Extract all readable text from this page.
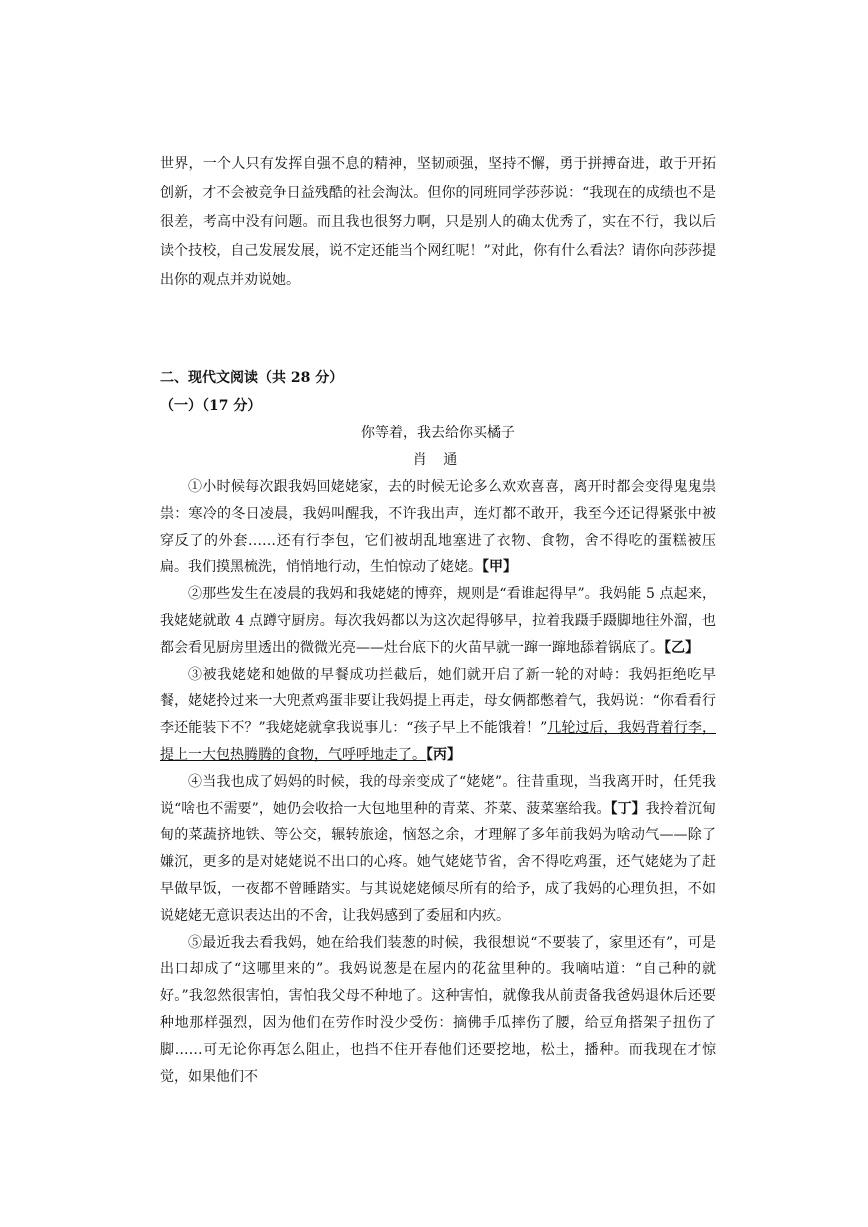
世界，一个人只有发挥自强不息的精神，坚韧顽强，坚持不懈，勇于拼搏奋进，敢于开拓创新，才不会被竞争日益残酷的社会淘汰。但你的同班同学莎莎说：“我现在的成绩也不是很差，考高中没有问题。而且我也很努力啊，只是别人的确太优秀了，实在不行，我以后读个技校，自己发展发展，说不定还能当个网红呢！”对此，你有什么看法？请你向莎莎提出你的观点并劝说她。
二、现代文阅读（共 28 分）
（一）（17 分）
你等着，我去给你买橘子
肖 通

①小时候每次跟我妈回姥姥家，去的时候无论多么欢欢喜喜，离开时都会变得鬼鬼祟祟：寒冷的冬日凌晨，我妈叫醒我，不许我出声，连灯都不敢开，我至今还记得紧张中被穿反了的外套……还有行李包，它们被胡乱地塞进了衣物、食物，舍不得吃的蛋糕被压扁。我们摸黑梳洗，悄悄地行动，生怕惊动了姥姥。【甲】

②那些发生在凌晨的我妈和我姥姥的博弈，规则是“看谁起得早”。我妈能 5 点起来，我姥姥就敢 4 点蹲守厨房。每次我妈都以为这次起得够早，拉着我蹑手蹑脚地往外溜，也都会看见厨房里透出的微微光亮——灶台底下的火苗早就一蹿一蹿地舔着锅底了。【乙】

③被我姥姥和她做的早餐成功拦截后，她们就开启了新一轮的对峙：我妈拒绝吃早餐，姥姥拎过来一大兜煮鸡蛋非要让我妈提上再走，母女俩都憋着气，我妈说：“你看看行李还能装下不？”我姥姥就拿我说事儿：“孩子早上不能饿着！”几轮过后，我妈背着行李，提上一大包热腾腾的食物，气呼呼地走了。【丙】

④当我也成了妈妈的时候，我的母亲变成了“姥姥”。往昔重现，当我离开时，任凭我说“啥也不需要”，她仍会收拾一大包地里种的青菜、芥菜、菠菜塞给我。【丁】我拎着沉甸甸的菜蔬挤地铁、等公交，辗转旅途，恼怒之余，才理解了多年前我妈为啥动气——除了嫌沉，更多的是对姥姥说不出口的心疼。她气姥姥节省，舍不得吃鸡蛋，还气姥姥为了赶早做早饭，一夜都不曾睡踏实。与其说姥姥倾尽所有的给予，成了我妈的心理负担，不如说姥姥无意识表达出的不舍，让我妈感到了委屈和内疚。

⑤最近我去看我妈，她在给我们装葱的时候，我很想说“不要装了，家里还有”，可是出口却成了“这哪里来的”。我妈说葱是在屋内的花盆里种的。我嘀咕道：“自己种的就好。”我忽然很害怕，害怕我父母不种地了。这种害怕，就像我从前责备我爸妈退休后还要种地那样强烈，因为他们在劳作时没少受伤：摘佛手瓜摔伤了腰，给豆角搭架子扭伤了脚……可无论你再怎么阻止，也挡不住开春他们还要挖地，松土，播种。而我现在才惊觉，如果他们不
